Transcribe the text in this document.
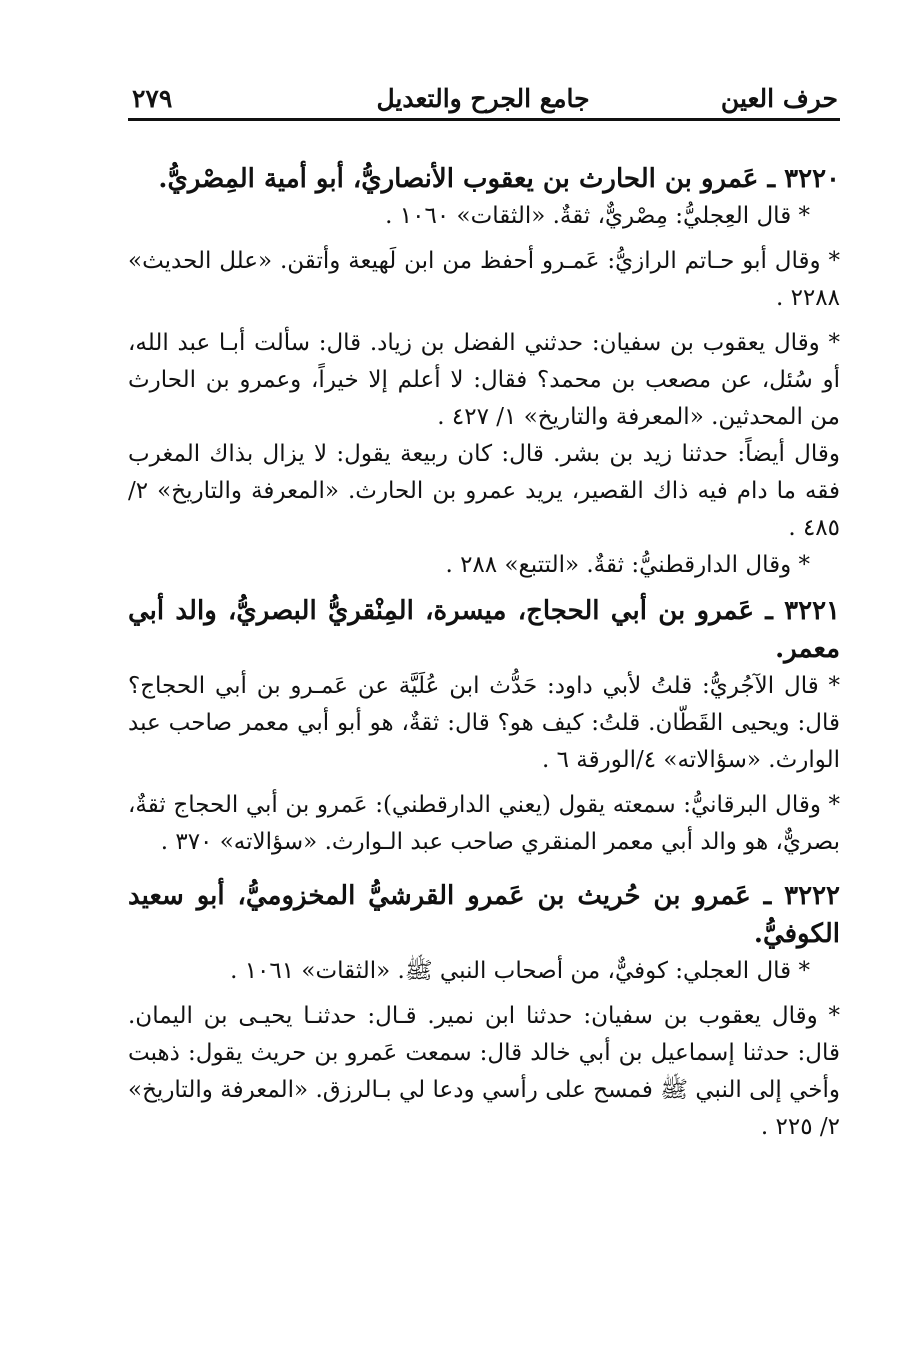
حرف العين
جامع الجرح والتعديل
٢٧٩

٣٢٢٠ ـ عَمرو بن الحارث بن يعقوب الأنصاريُّ، أبو أمية المِصْريُّ.

* قال العِجليُّ: مِصْريٌّ، ثقةٌ. «الثقات» ١٠٦٠ .

* وقال أبو حـاتم الرازيُّ: عَمـرو أحفظ من ابن لَهيعة وأتقن. «علل الحديث» ٢٢٨٨ .

* وقال يعقوب بن سفيان: حدثني الفضل بن زياد. قال: سألت أبـا عبد الله، أو سُئل، عن مصعب بن محمد؟ فقال: لا أعلم إلا خيراً، وعمرو بن الحارث من المحدثين. «المعرفة والتاريخ» ١/ ٤٢٧ .

وقال أيضاً: حدثنا زيد بن بشر. قال: كان ربيعة يقول: لا يزال بذاك المغرب فقه ما دام فيه ذاك القصير، يريد عمرو بن الحارث. «المعرفة والتاريخ» ٢/ ٤٨٥ .

* وقال الدارقطنيُّ: ثقةٌ. «التتبع» ٢٨٨ .

٣٢٢١ ـ عَمرو بن أبي الحجاج، ميسرة، المِنْقريُّ البصريُّ، والد أبي معمر.

* قال الآجُريُّ: قلتُ لأبي داود: حَدُّث ابن عُلَيَّة عن عَمـرو بن أبي الحجاج؟ قال: ويحيى القَطّان. قلتُ: كيف هو؟ قال: ثقةٌ، هو أبو أبي معمر صاحب عبد الوارث. «سؤالاته» ٤/الورقة ٦ .

* وقال البرقانيُّ: سمعته يقول (يعني الدارقطني): عَمرو بن أبي الحجاج ثقةٌ، بصريٌّ، هو والد أبي معمر المنقري صاحب عبد الـوارث. «سؤالاته» ٣٧٠ .

٣٢٢٢ ـ عَمرو بن حُريث بن عَمرو القرشيُّ المخزوميُّ، أبو سعيد الكوفيُّ.

* قال العجلي: كوفيٌّ، من أصحاب النبي ﷺ. «الثقات» ١٠٦١ .

* وقال يعقوب بن سفيان: حدثنا ابن نمير. قـال: حدثنـا يحيـى بن اليمان. قال: حدثنا إسماعيل بن أبي خالد قال: سمعت عَمرو بن حريث يقول: ذهبت وأخي إلى النبي ﷺ فمسح على رأسي ودعا لي بـالرزق. «المعرفة والتاريخ» ٢/ ٢٢٥ .
